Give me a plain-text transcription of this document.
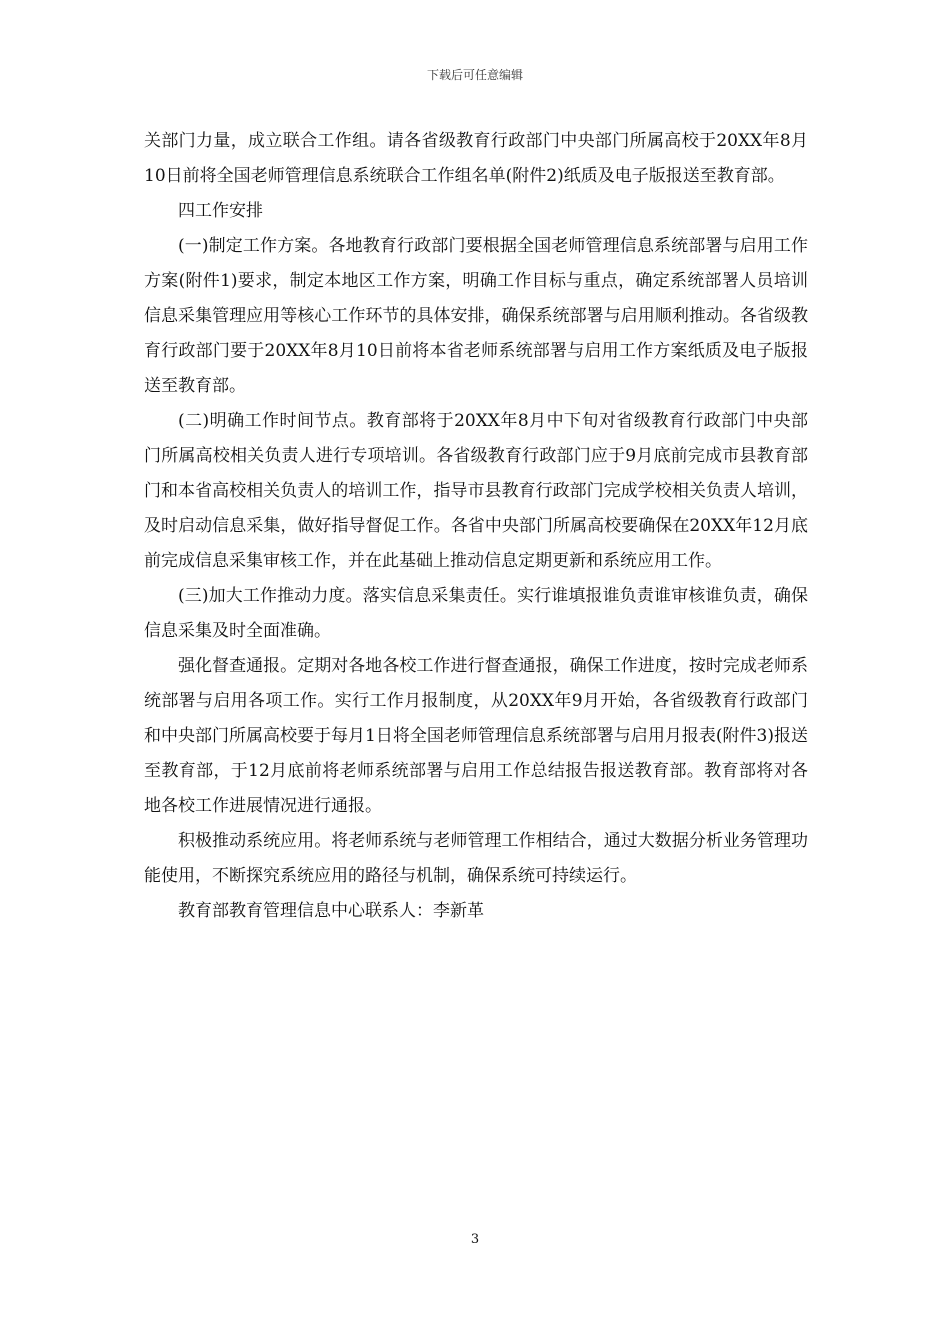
下载后可任意编辑

关部门力量，成立联合工作组。请各省级教育行政部门中央部门所属高校于20XX年8月10日前将全国老师管理信息系统联合工作组名单(附件2)纸质及电子版报送至教育部。

四工作安排

(一)制定工作方案。各地教育行政部门要根据全国老师管理信息系统部署与启用工作方案(附件1)要求，制定本地区工作方案，明确工作目标与重点，确定系统部署人员培训信息采集管理应用等核心工作环节的具体安排，确保系统部署与启用顺利推动。各省级教育行政部门要于20XX年8月10日前将本省老师系统部署与启用工作方案纸质及电子版报送至教育部。

(二)明确工作时间节点。教育部将于20XX年8月中下旬对省级教育行政部门中央部门所属高校相关负责人进行专项培训。各省级教育行政部门应于9月底前完成市县教育部门和本省高校相关负责人的培训工作，指导市县教育行政部门完成学校相关负责人培训，及时启动信息采集，做好指导督促工作。各省中央部门所属高校要确保在20XX年12月底前完成信息采集审核工作，并在此基础上推动信息定期更新和系统应用工作。

(三)加大工作推动力度。落实信息采集责任。实行谁填报谁负责谁审核谁负责，确保信息采集及时全面准确。

强化督查通报。定期对各地各校工作进行督查通报，确保工作进度，按时完成老师系统部署与启用各项工作。实行工作月报制度，从20XX年9月开始，各省级教育行政部门和中央部门所属高校要于每月1日将全国老师管理信息系统部署与启用月报表(附件3)报送至教育部，于12月底前将老师系统部署与启用工作总结报告报送教育部。教育部将对各地各校工作进展情况进行通报。

积极推动系统应用。将老师系统与老师管理工作相结合，通过大数据分析业务管理功能使用，不断探究系统应用的路径与机制，确保系统可持续运行。

教育部教育管理信息中心联系人：李新革

3
